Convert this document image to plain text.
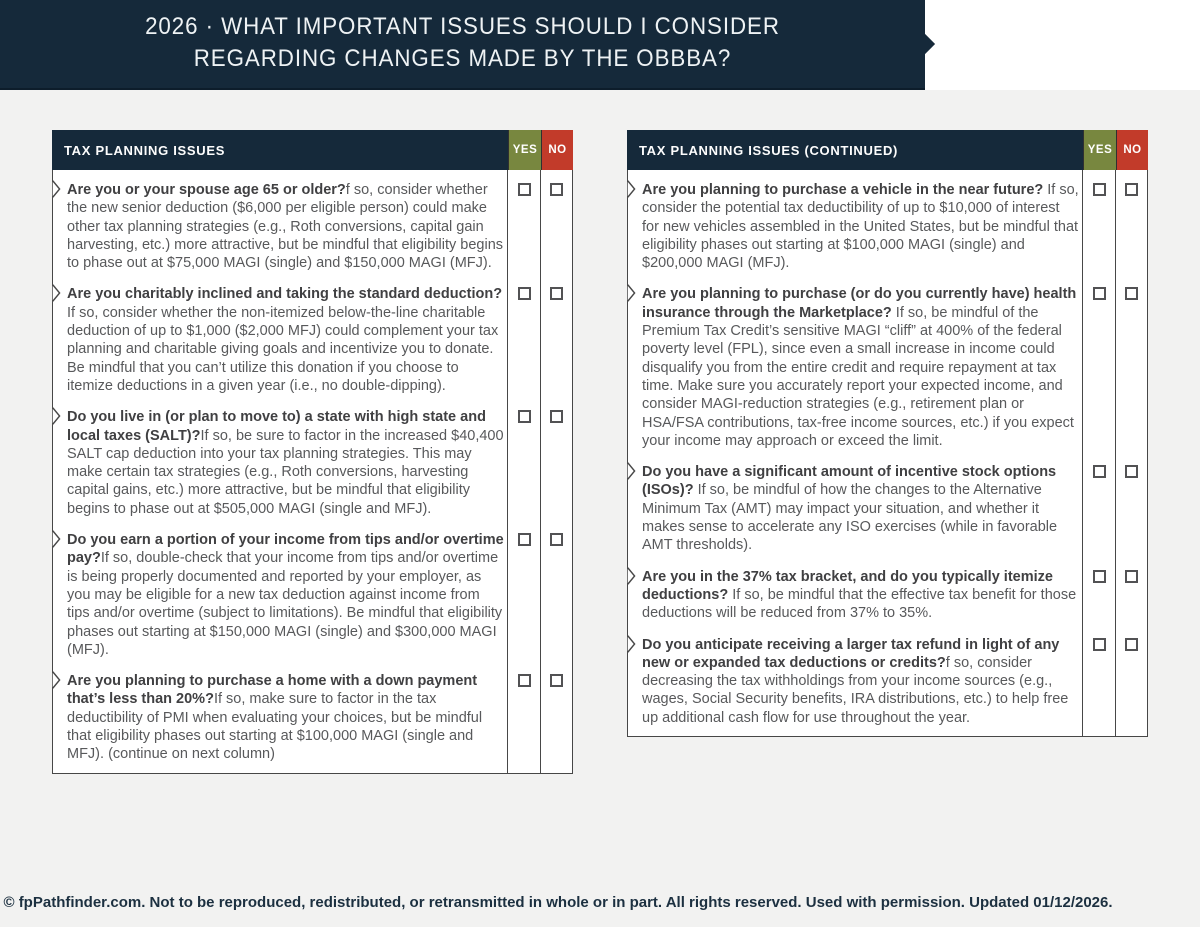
2026 · WHAT IMPORTANT ISSUES SHOULD I CONSIDER
REGARDING CHANGES MADE BY THE OBBBA?
TAX PLANNING ISSUES	YES NO
Are you or your spouse age 65 or older?f so, consider whether the new senior deduction ($6,000 per eligible person) could make other tax planning strategies (e.g., Roth conversions, capital gain harvesting, etc.) more attractive, but be mindful that eligibility begins to phase out at $75,000 MAGI (single) and $150,000 MAGI (MFJ).
Are you charitably inclined and taking the standard deduction? If so, consider whether the non-itemized below-the-line charitable deduction of up to $1,000 ($2,000 MFJ) could complement your tax planning and charitable giving goals and incentivize you to donate. Be mindful that you can’t utilize this donation if you choose to itemize deductions in a given year (i.e., no double-dipping).
Do you live in (or plan to move to) a state with high state and local taxes (SALT)?If so, be sure to factor in the increased $40,400 SALT cap deduction into your tax planning strategies. This may make certain tax strategies (e.g., Roth conversions, harvesting capital gains, etc.) more attractive, but be mindful that eligibility begins to phase out at $505,000 MAGI (single and MFJ).
Do you earn a portion of your income from tips and/or overtime pay?If so, double-check that your income from tips and/or overtime is being properly documented and reported by your employer, as you may be eligible for a new tax deduction against income from tips and/or overtime (subject to limitations). Be mindful that eligibility phases out starting at $150,000 MAGI (single) and $300,000 MAGI (MFJ).
Are you planning to purchase a home with a down payment that’s less than 20%?If so, make sure to factor in the tax deductibility of PMI when evaluating your choices, but be mindful that eligibility phases out starting at $100,000 MAGI (single and MFJ). (continue on next column)
TAX PLANNING ISSUES (CONTINUED)	YES NO
Are you planning to purchase a vehicle in the near future? If so, consider the potential tax deductibility of up to $10,000 of interest for new vehicles assembled in the United States, but be mindful that eligibility phases out starting at $100,000 MAGI (single) and $200,000 MAGI (MFJ).
Are you planning to purchase (or do you currently have) health insurance through the Marketplace? If so, be mindful of the Premium Tax Credit’s sensitive MAGI “cliff” at 400% of the federal poverty level (FPL), since even a small increase in income could disqualify you from the entire credit and require repayment at tax time. Make sure you accurately report your expected income, and consider MAGI-reduction strategies (e.g., retirement plan or HSA/FSA contributions, tax-free income sources, etc.) if you expect your income may approach or exceed the limit.
Do you have a significant amount of incentive stock options (ISOs)? If so, be mindful of how the changes to the Alternative Minimum Tax (AMT) may impact your situation, and whether it makes sense to accelerate any ISO exercises (while in favorable AMT thresholds).
Are you in the 37% tax bracket, and do you typically itemize deductions? If so, be mindful that the effective tax benefit for those deductions will be reduced from 37% to 35%.
Do you anticipate receiving a larger tax refund in light of any new or expanded tax deductions or credits?f so, consider decreasing the tax withholdings from your income sources (e.g., wages, Social Security benefits, IRA distributions, etc.) to help free up additional cash flow for use throughout the year.
© fpPathfinder.com. Not to be reproduced, redistributed, or retransmitted in whole or in part. All rights reserved. Used with permission. Updated 01/12/2026.
